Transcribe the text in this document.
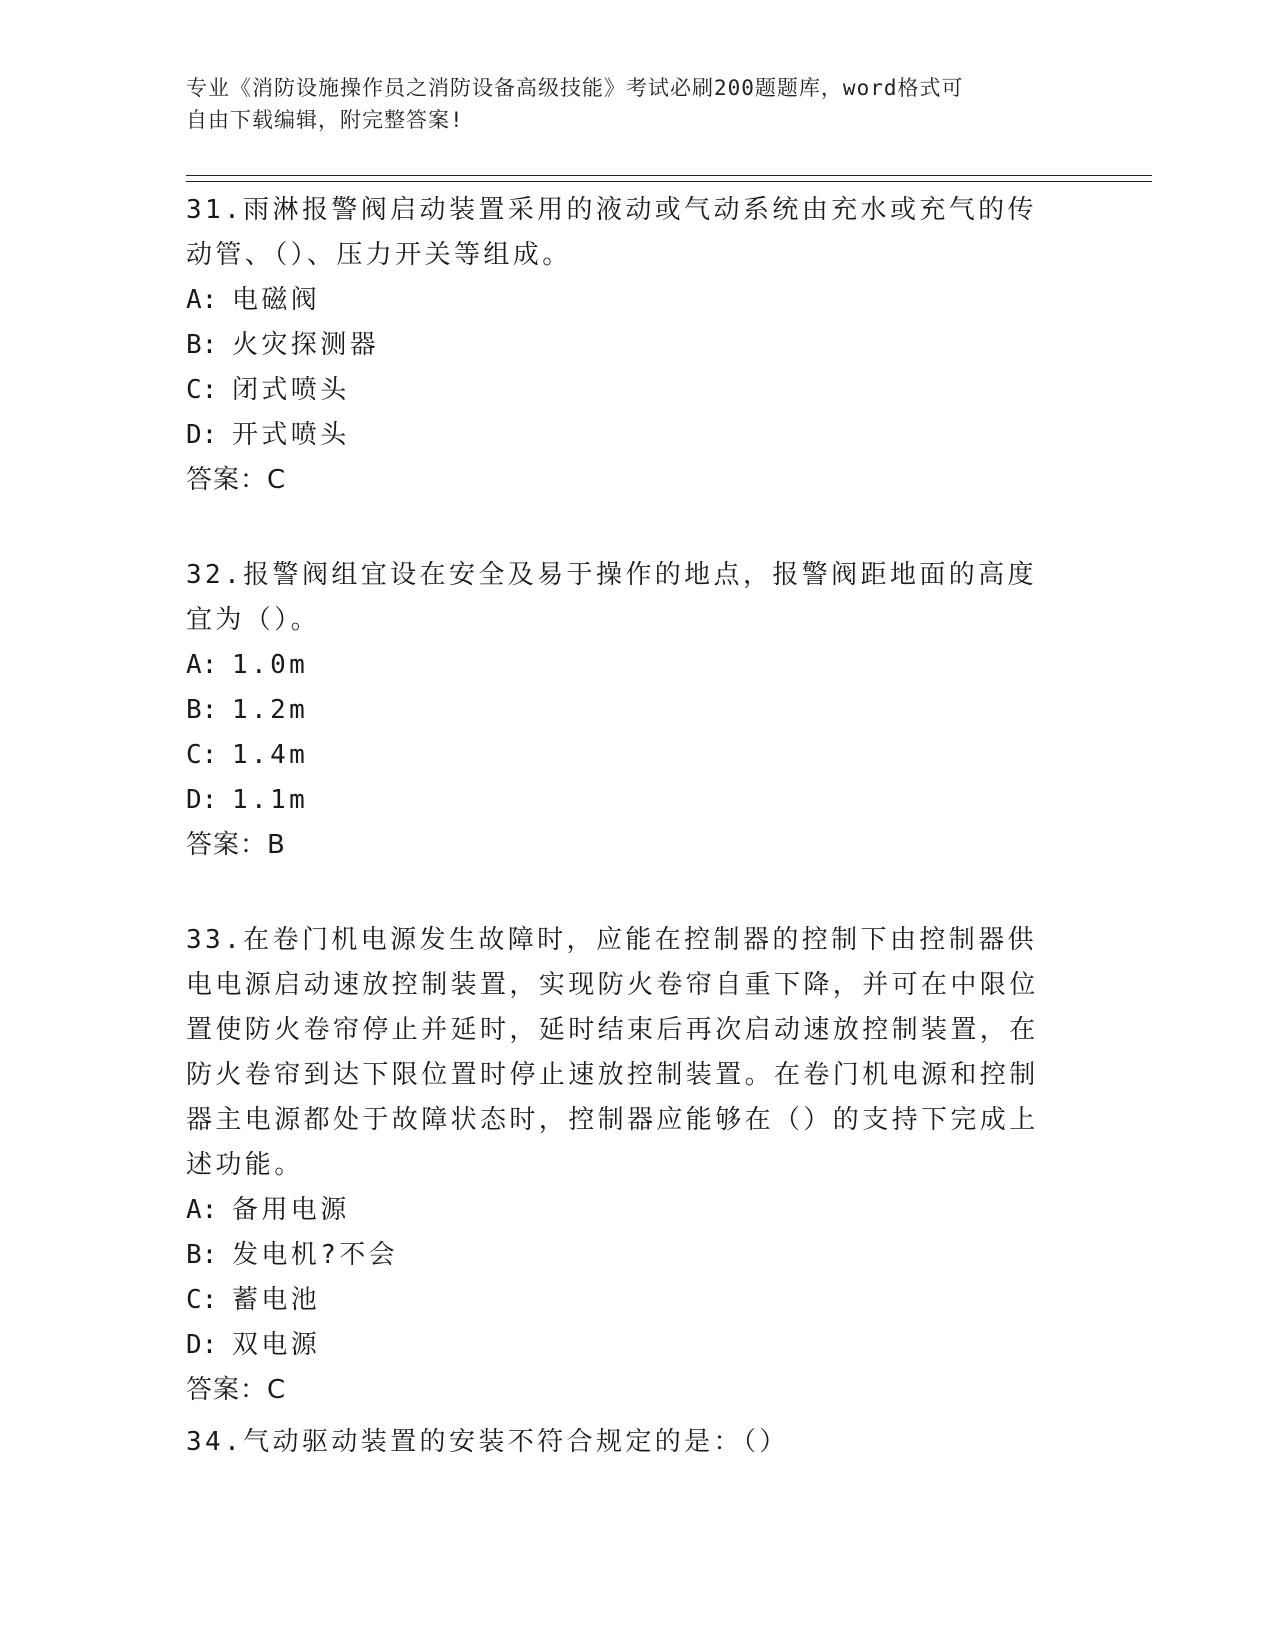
专业《消防设施操作员之消防设备高级技能》考试必刷200题题库，word格式可
自由下载编辑，附完整答案!

31.雨淋报警阀启动装置采用的液动或气动系统由充水或充气的传动管、（）、压力开关等组成。

A: 电磁阀

B: 火灾探测器

C: 闭式喷头

D: 开式喷头

答案：C

32.报警阀组宜设在安全及易于操作的地点，报警阀距地面的高度宜为（）。

A: 1.0m

B: 1.2m

C: 1.4m

D: 1.1m

答案：B

33.在卷门机电源发生故障时，应能在控制器的控制下由控制器供电电源启动速放控制装置，实现防火卷帘自重下降，并可在中限位置使防火卷帘停止并延时，延时结束后再次启动速放控制装置，在防火卷帘到达下限位置时停止速放控制装置。在卷门机电源和控制器主电源都处于故障状态时，控制器应能够在（）的支持下完成上述功能。

A: 备用电源

B: 发电机?不会

C: 蓄电池

D: 双电源

答案：C

34.气动驱动装置的安装不符合规定的是：（）
